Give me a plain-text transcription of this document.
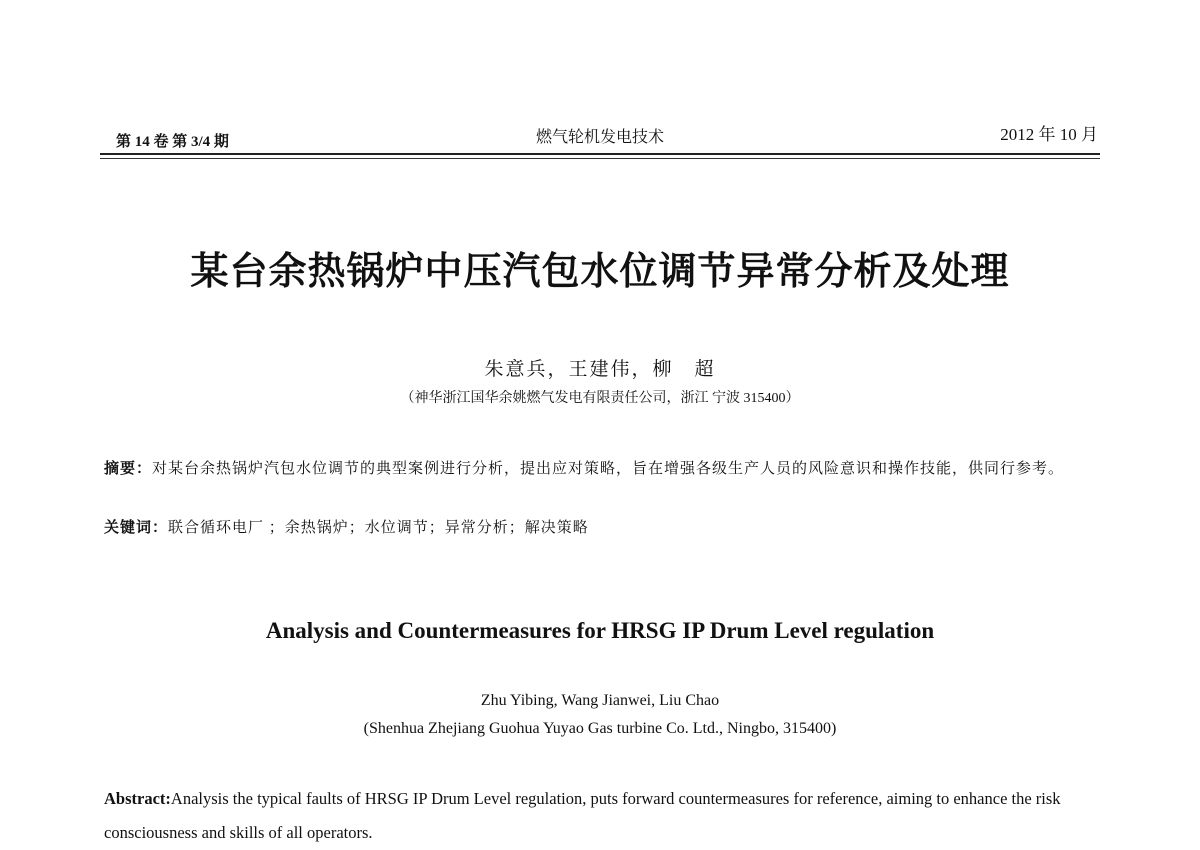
第 14 卷 第 3/4 期	燃气轮机发电技术	2012 年 10 月
某台余热锅炉中压汽包水位调节异常分析及处理
朱意兵，王建伟，柳　超
（神华浙江国华余姚燃气发电有限责任公司，浙江 宁波 315400）
摘要：对某台余热锅炉汽包水位调节的典型案例进行分析，提出应对策略，旨在增强各级生产人员的风险意识和操作技能，供同行参考。
关键词：联合循环电厂 ；余热锅炉；水位调节；异常分析；解决策略
Analysis and Countermeasures for HRSG IP Drum Level regulation
Zhu Yibing, Wang Jianwei, Liu Chao
(Shenhua Zhejiang Guohua Yuyao Gas turbine Co. Ltd., Ningbo, 315400)
Abstract:Analysis the typical faults of HRSG IP Drum Level regulation, puts forward countermeasures for reference, aiming to enhance the risk consciousness and skills of all operators.
